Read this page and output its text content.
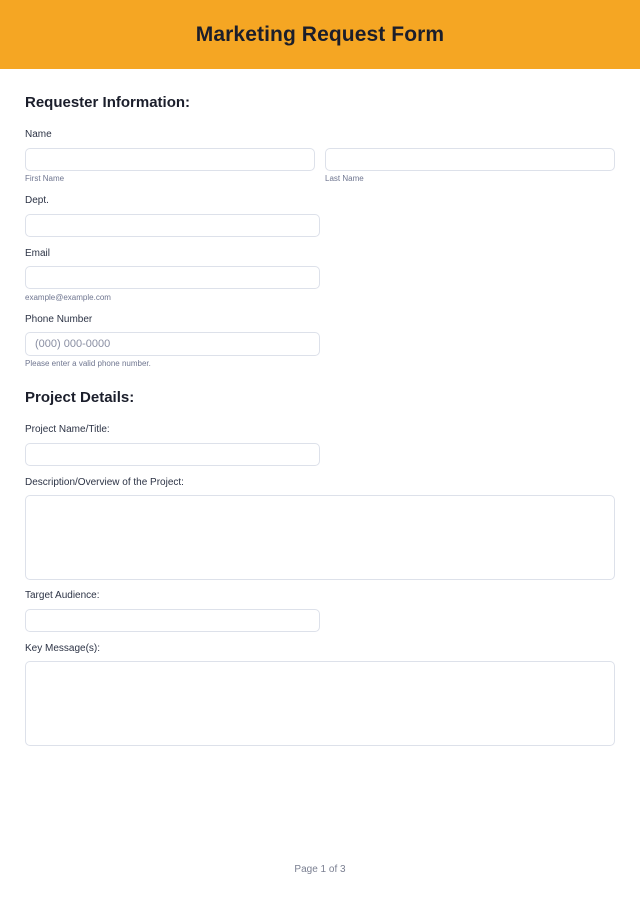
Marketing Request Form
Requester Information:
Name
First Name	Last Name
Dept.
Email
example@example.com
Phone Number
(000) 000-0000
Please enter a valid phone number.
Project Details:
Project Name/Title:
Description/Overview of the Project:
Target Audience:
Key Message(s):
Page 1 of 3
